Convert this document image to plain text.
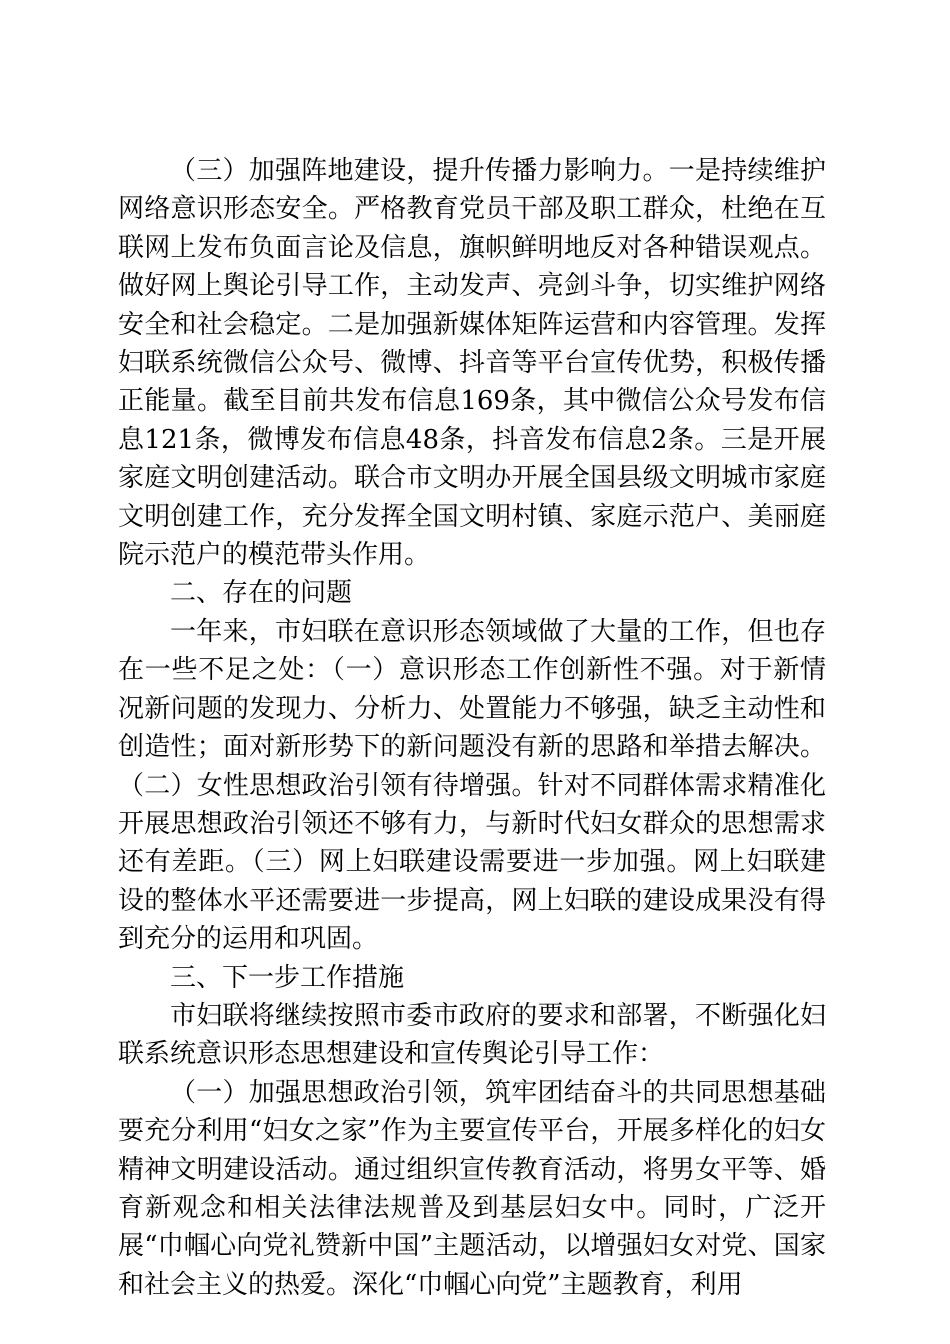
（三）加强阵地建设，提升传播力影响力。一是持续维护网络意识形态安全。严格教育党员干部及职工群众，杜绝在互联网上发布负面言论及信息，旗帜鲜明地反对各种错误观点。做好网上舆论引导工作，主动发声、亮剑斗争，切实维护网络安全和社会稳定。二是加强新媒体矩阵运营和内容管理。发挥妇联系统微信公众号、微博、抖音等平台宣传优势，积极传播正能量。截至目前共发布信息169条，其中微信公众号发布信息121条，微博发布信息48条，抖音发布信息2条。三是开展家庭文明创建活动。联合市文明办开展全国县级文明城市家庭文明创建工作，充分发挥全国文明村镇、家庭示范户、美丽庭院示范户的模范带头作用。

二、存在的问题

一年来，市妇联在意识形态领域做了大量的工作，但也存在一些不足之处：（一）意识形态工作创新性不强。对于新情况新问题的发现力、分析力、处置能力不够强，缺乏主动性和创造性；面对新形势下的新问题没有新的思路和举措去解决。（二）女性思想政治引领有待增强。针对不同群体需求精准化开展思想政治引领还不够有力，与新时代妇女群众的思想需求还有差距。（三）网上妇联建设需要进一步加强。网上妇联建设的整体水平还需要进一步提高，网上妇联的建设成果没有得到充分的运用和巩固。

三、下一步工作措施

市妇联将继续按照市委市政府的要求和部署，不断强化妇联系统意识形态思想建设和宣传舆论引导工作：

（一）加强思想政治引领，筑牢团结奋斗的共同思想基础要充分利用“妇女之家”作为主要宣传平台，开展多样化的妇女精神文明建设活动。通过组织宣传教育活动，将男女平等、婚育新观念和相关法律法规普及到基层妇女中。同时，广泛开展“巾帼心向党礼赞新中国”主题活动，以增强妇女对党、国家和社会主义的热爱。深化“巾帼心向党”主题教育，利用
